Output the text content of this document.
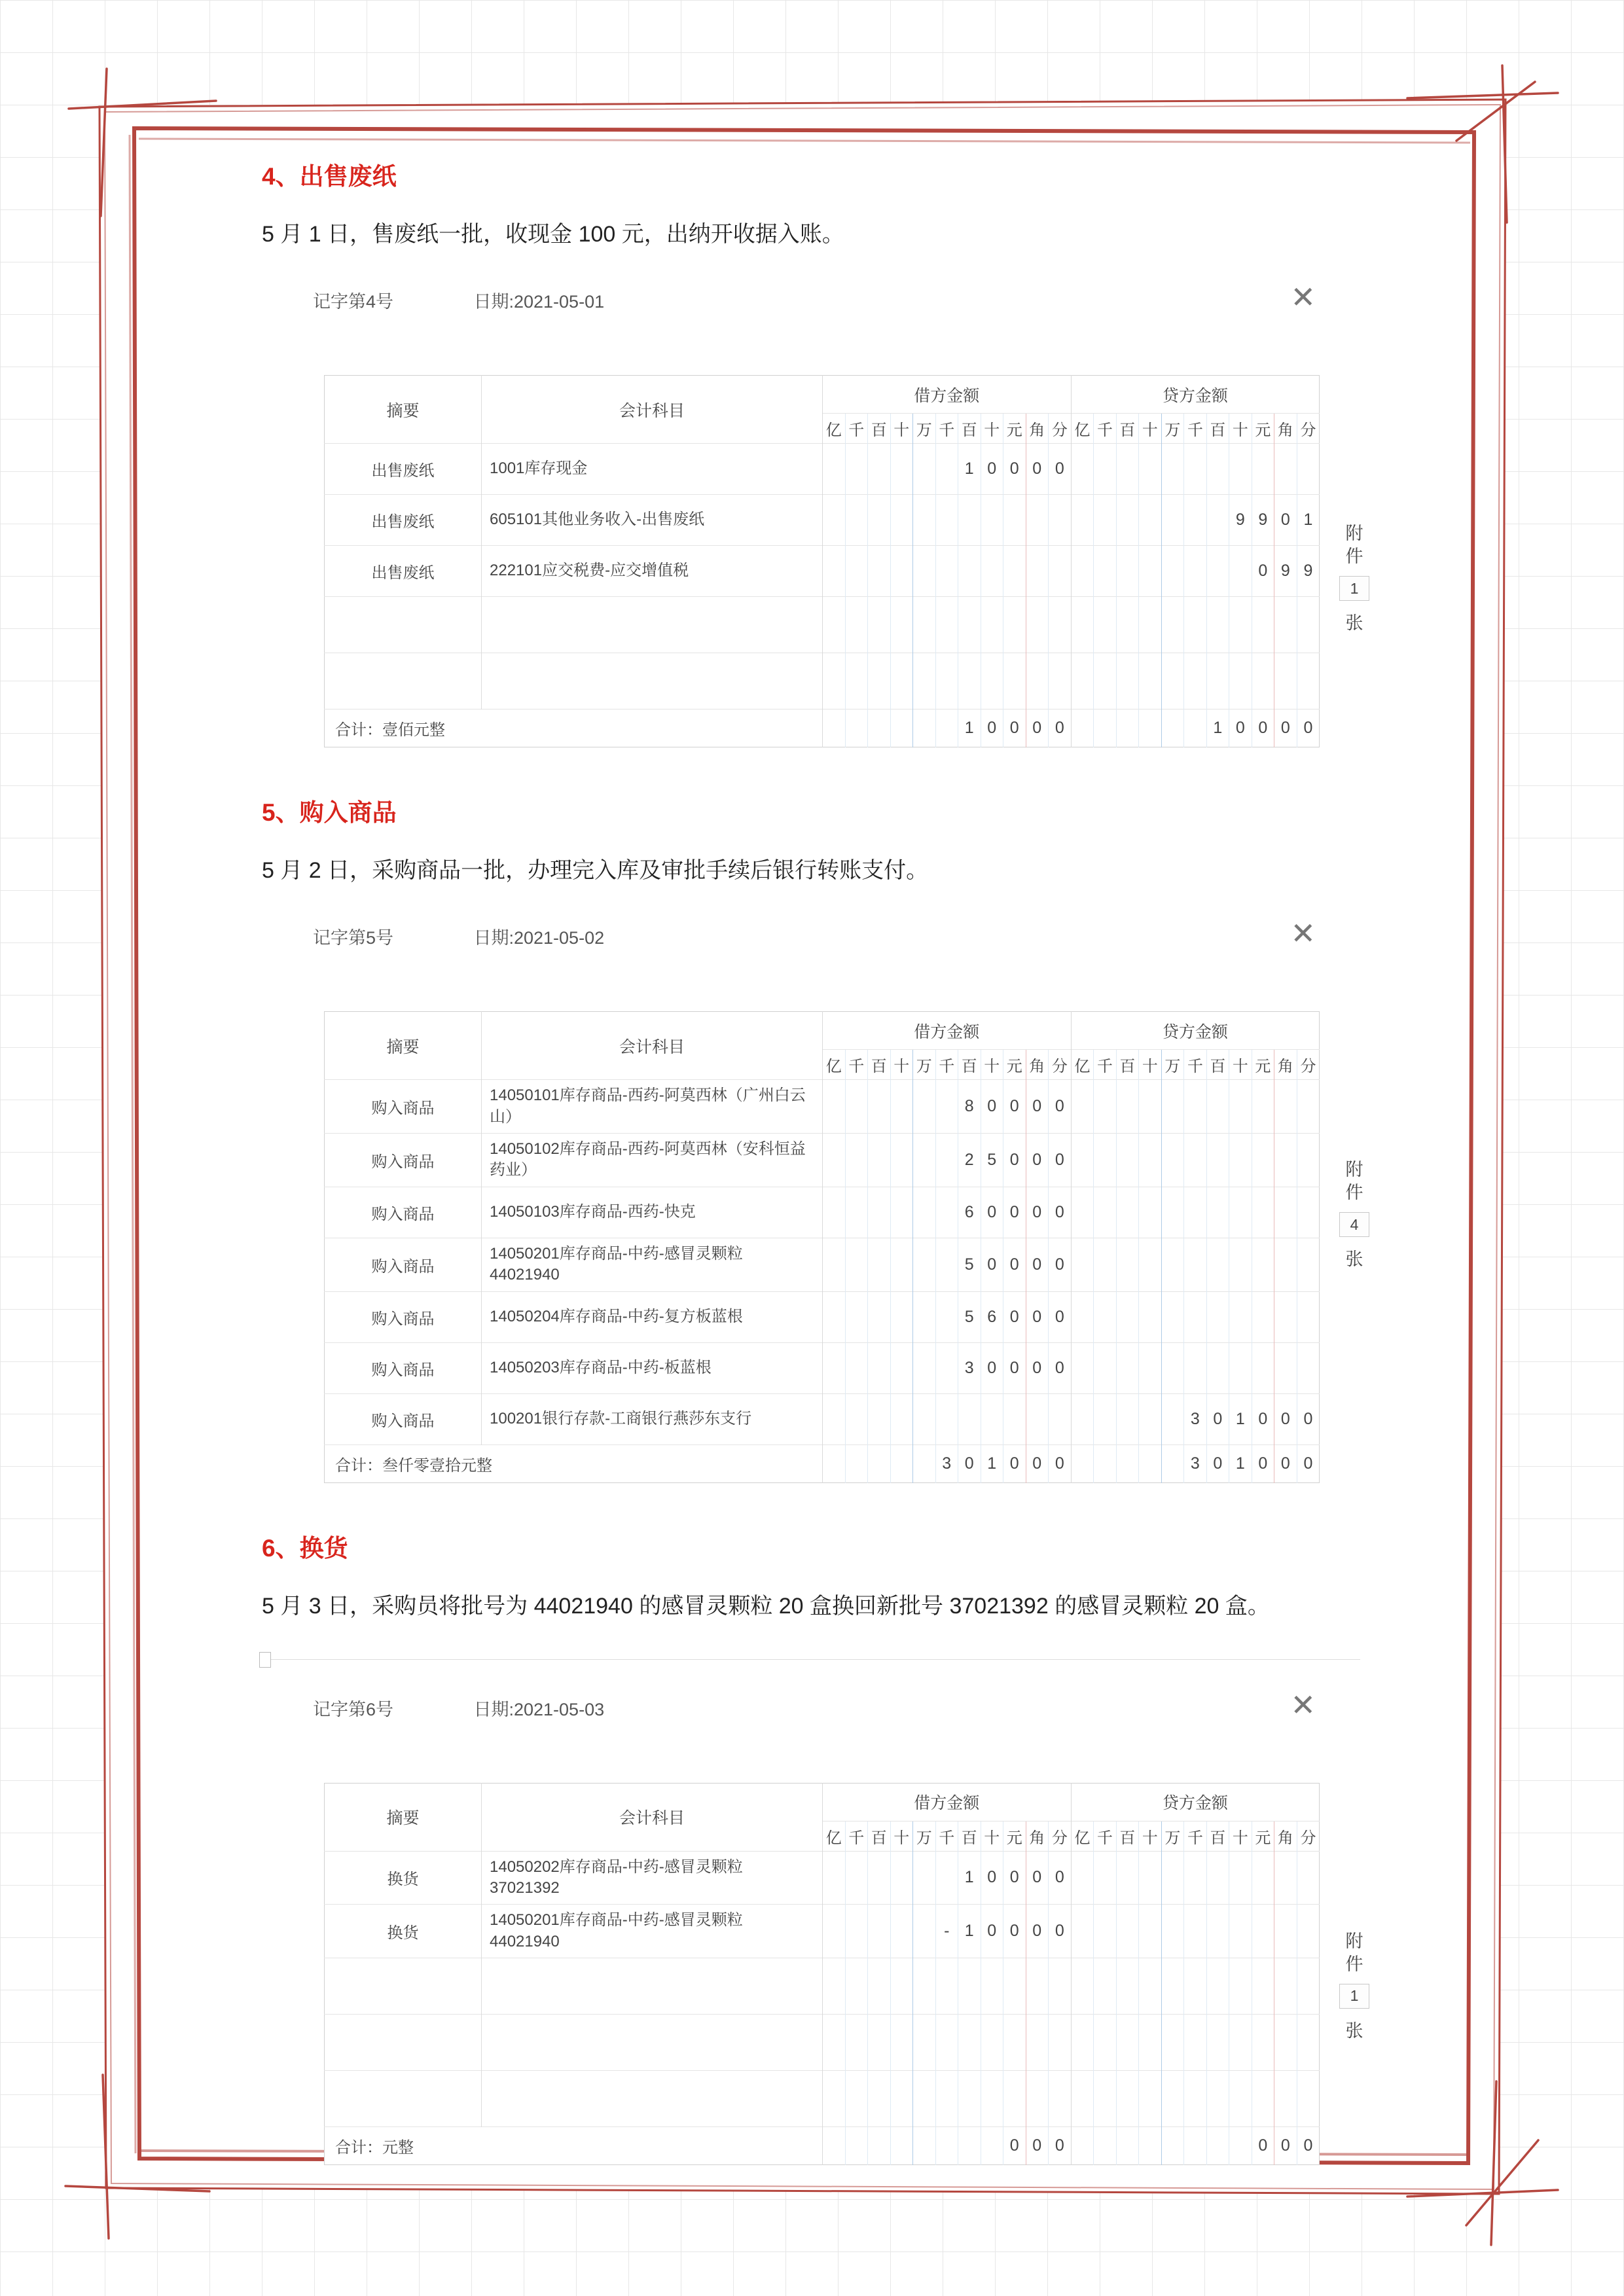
4、出售废纸

5 月 1 日，售废纸一批，收现金 100 元，出纳开收据入账。

记字第4号	日期:2021-05-01	✕
摘要	会计科目	借方金额											贷方金额										
		亿	千	百	十	万	千	百	十	元	角	分	亿	千	百	十	万	千	百	十	元	角	分
出售废纸	1001库存现金							1	0	0	0	0											
出售废纸	605101其他业务收入-出售废纸																			9	9	0	1
出售废纸	222101应交税费-应交增值税																				0	9	9

合计：壹佰元整								1	0	0	0	0							1	0	0	0	0
附件
1
张
5、购入商品

5 月 2 日，采购商品一批，办理完入库及审批手续后银行转账支付。

记字第5号	日期:2021-05-02	✕
摘要	会计科目	借方金额											贷方金额										
		亿	千	百	十	万	千	百	十	元	角	分	亿	千	百	十	万	千	百	十	元	角	分
购入商品	14050101库存商品-西药-阿莫西林（广州白云山）							8	0	0	0	0											
购入商品	14050102库存商品-西药-阿莫西林（安科恒益药业）							2	5	0	0	0											
购入商品	14050103库存商品-西药-快克							6	0	0	0	0											
购入商品	14050201库存商品-中药-感冒灵颗粒 44021940							5	0	0	0	0											
购入商品	14050204库存商品-中药-复方板蓝根							5	6	0	0	0											
购入商品	14050203库存商品-中药-板蓝根							3	0	0	0	0											
购入商品	100201银行存款-工商银行燕莎东支行																	3	0	1	0	0	0
合计：叁仟零壹拾元整							3	0	1	0	0	0						3	0	1	0	0	0
附件
4
张
6、换货

5 月 3 日，采购员将批号为 44021940 的感冒灵颗粒 20 盒换回新批号 37021392 的感冒灵颗粒 20 盒。

记字第6号	日期:2021-05-03	✕
摘要	会计科目	借方金额											贷方金额										
		亿	千	百	十	万	千	百	十	元	角	分	亿	千	百	十	万	千	百	十	元	角	分
换货	14050202库存商品-中药-感冒灵颗粒 37021392							1	0	0	0	0											
换货	14050201库存商品-中药-感冒灵颗粒 44021940						-	1	0	0	0	0											

合计：元整										0	0	0									0	0	0
附件
1
张
